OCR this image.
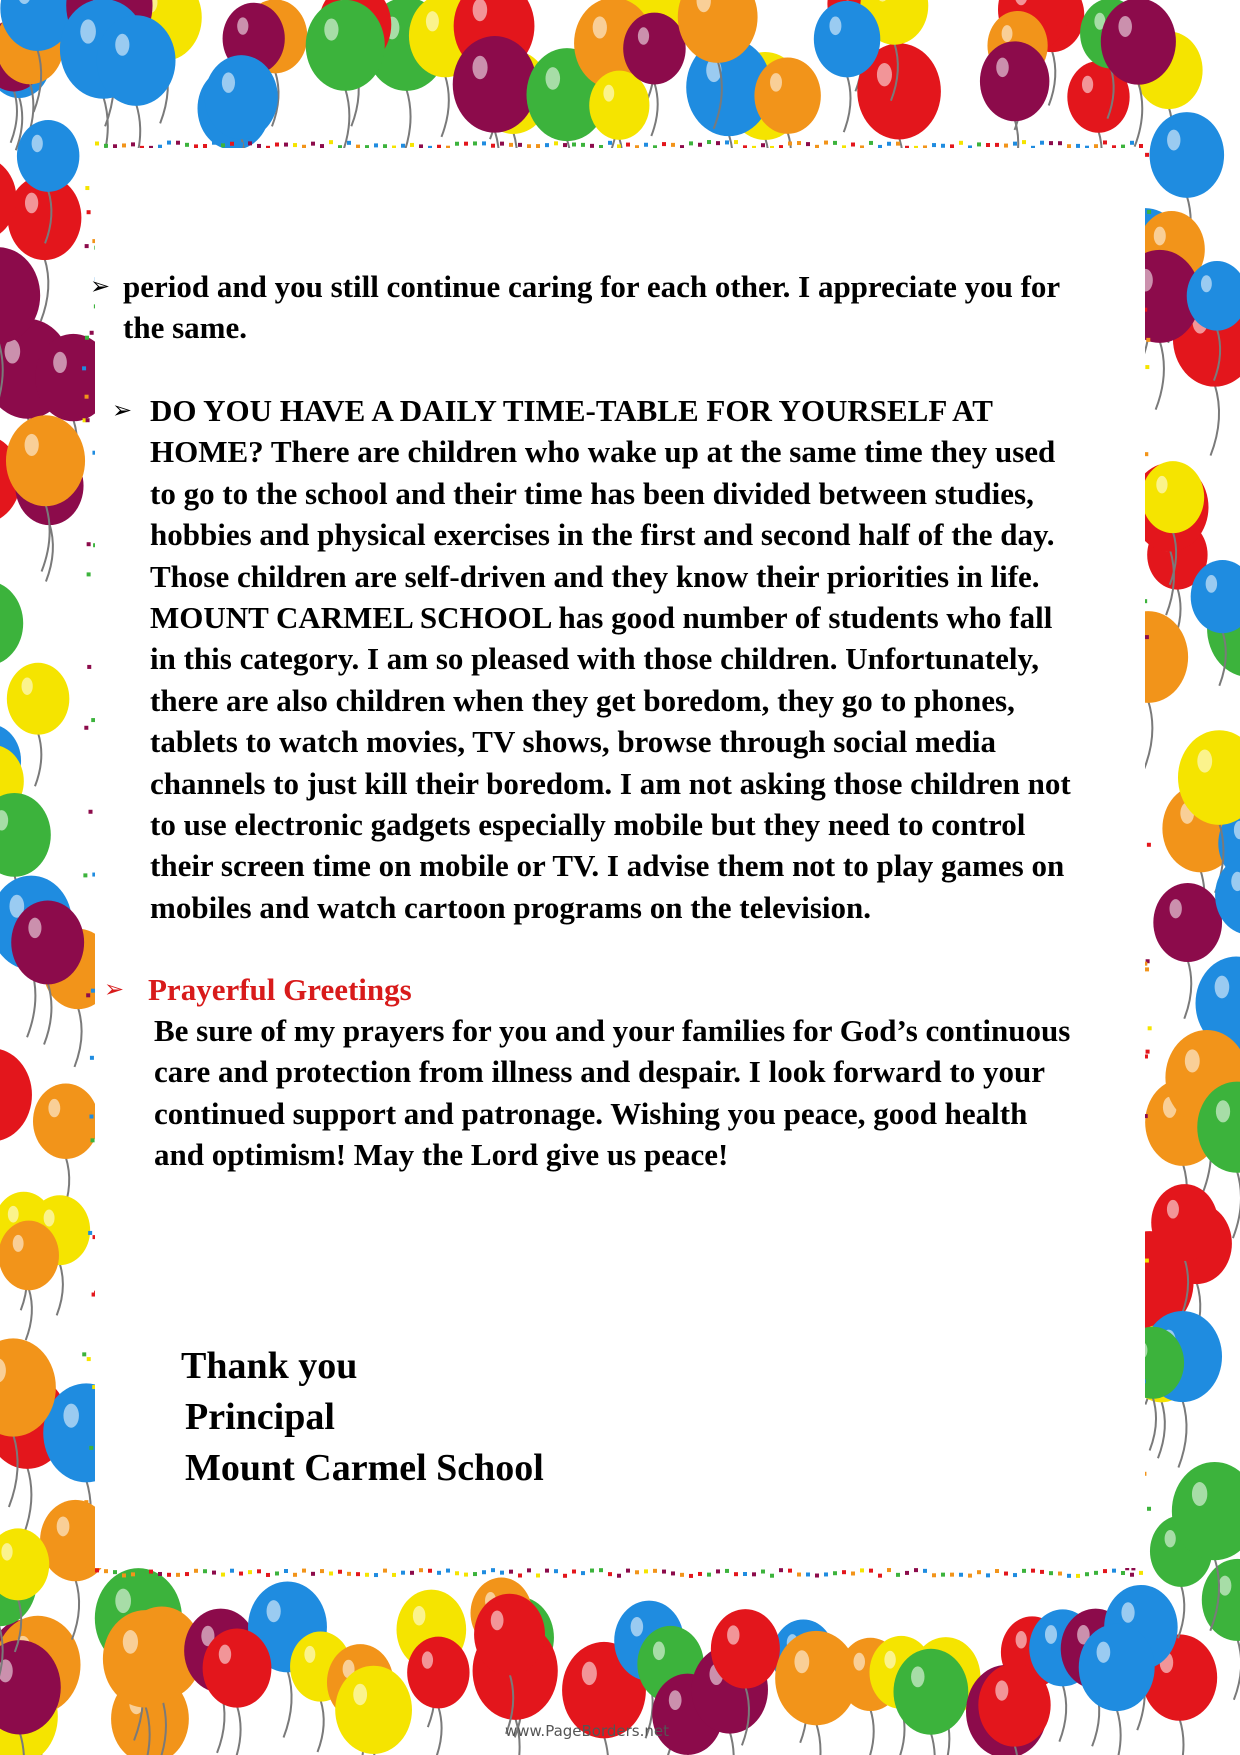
➢ period and you still continue caring for each other. I appreciate you for
the same.

➢ DO YOU HAVE A DAILY TIME-TABLE FOR YOURSELF AT
HOME? There are children who wake up at the same time they used
to go to the school and their time has been divided between studies,
hobbies and physical exercises in the first and second half of the day.
Those children are self-driven and they know their priorities in life.
MOUNT CARMEL SCHOOL has good number of students who fall
in this category. I am so pleased with those children. Unfortunately,
there are also children when they get boredom, they go to phones,
tablets to watch movies, TV shows, browse through social media
channels to just kill their boredom. I am not asking those children not
to use electronic gadgets especially mobile but they need to control
their screen time on mobile or TV. I advise them not to play games on
mobiles and watch cartoon programs on the television.

➢ Prayerful Greetings

Be sure of my prayers for you and your families for God’s continuous
care and protection from illness and despair. I look forward to your
continued support and patronage. Wishing you peace, good health
and optimism! May the Lord give us peace!

Thank you

Principal

Mount Carmel School

www.PageBorders.net
